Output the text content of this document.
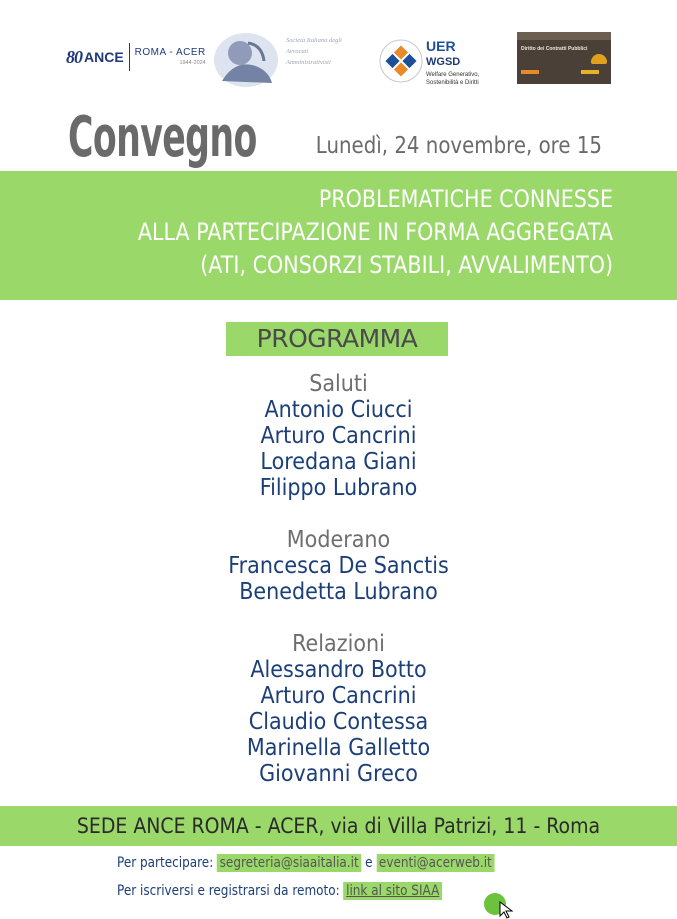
80 ANCE ROMA - ACER
1944-2024
Società Italiana degli Avvocati Amministrativisti
UER
WGSD
Welfare Generativo, Sostenibilità e Diritti
Diritto dei Contratti Pubblici
Convegno	Lunedì, 24 novembre, ore 15
PROBLEMATICHE CONNESSE
ALLA PARTECIPAZIONE IN FORMA AGGREGATA
(ATI, CONSORZI STABILI, AVVALIMENTO)
PROGRAMMA
Saluti
Antonio Ciucci
Arturo Cancrini
Loredana Giani
Filippo Lubrano
Moderano
Francesca De Sanctis
Benedetta Lubrano
Relazioni
Alessandro Botto
Arturo Cancrini
Claudio Contessa
Marinella Galletto
Giovanni Greco
SEDE ANCE ROMA - ACER, via di Villa Patrizi, 11 - Roma
Per partecipare: segreteria@siaaitalia.it e eventi@acerweb.it
Per iscriversi e registrarsi da remoto: link al sito SIAA
